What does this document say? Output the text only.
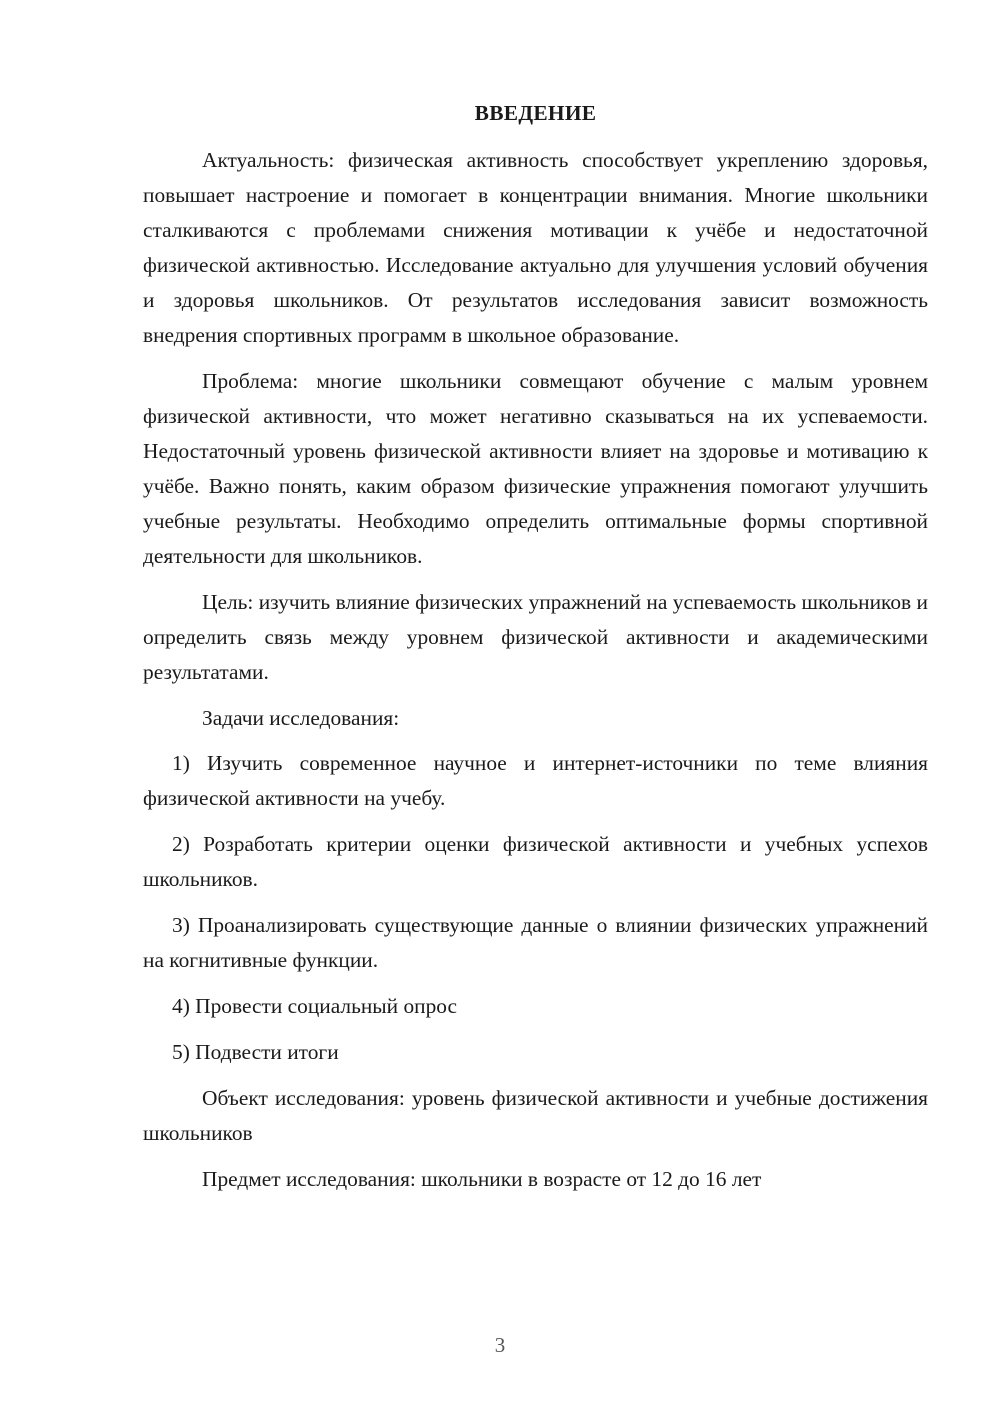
ВВЕДЕНИЕ

Актуальность: физическая активность способствует укреплению здоровья, повышает настроение и помогает в концентрации внимания. Многие школьники сталкиваются с проблемами снижения мотивации к учёбе и недостаточной физической активностью. Исследование актуально для улучшения условий обучения и здоровья школьников. От результатов исследования зависит возможность внедрения спортивных программ в школьное образование.

Проблема: многие школьники совмещают обучение с малым уровнем физической активности, что может негативно сказываться на их успеваемости. Недостаточный уровень физической активности влияет на здоровье и мотивацию к учёбе. Важно понять, каким образом физические упражнения помогают улучшить учебные результаты. Необходимо определить оптимальные формы спортивной деятельности для школьников.

Цель: изучить влияние физических упражнений на успеваемость школьников и определить связь между уровнем физической активности и академическими результатами.

Задачи исследования:

1) Изучить современное научное и интернет-источники по теме влияния физической активности на учебу.

2) Розработать критерии оценки физической активности и учебных успехов школьников.

3) Проанализировать существующие данные о влиянии физических упражнений на когнитивные функции.

4) Провести социальный опрос

5) Подвести итоги

Объект исследования: уровень физической активности и учебные достижения школьников

Предмет исследования: школьники в возрасте от 12 до 16 лет

3
